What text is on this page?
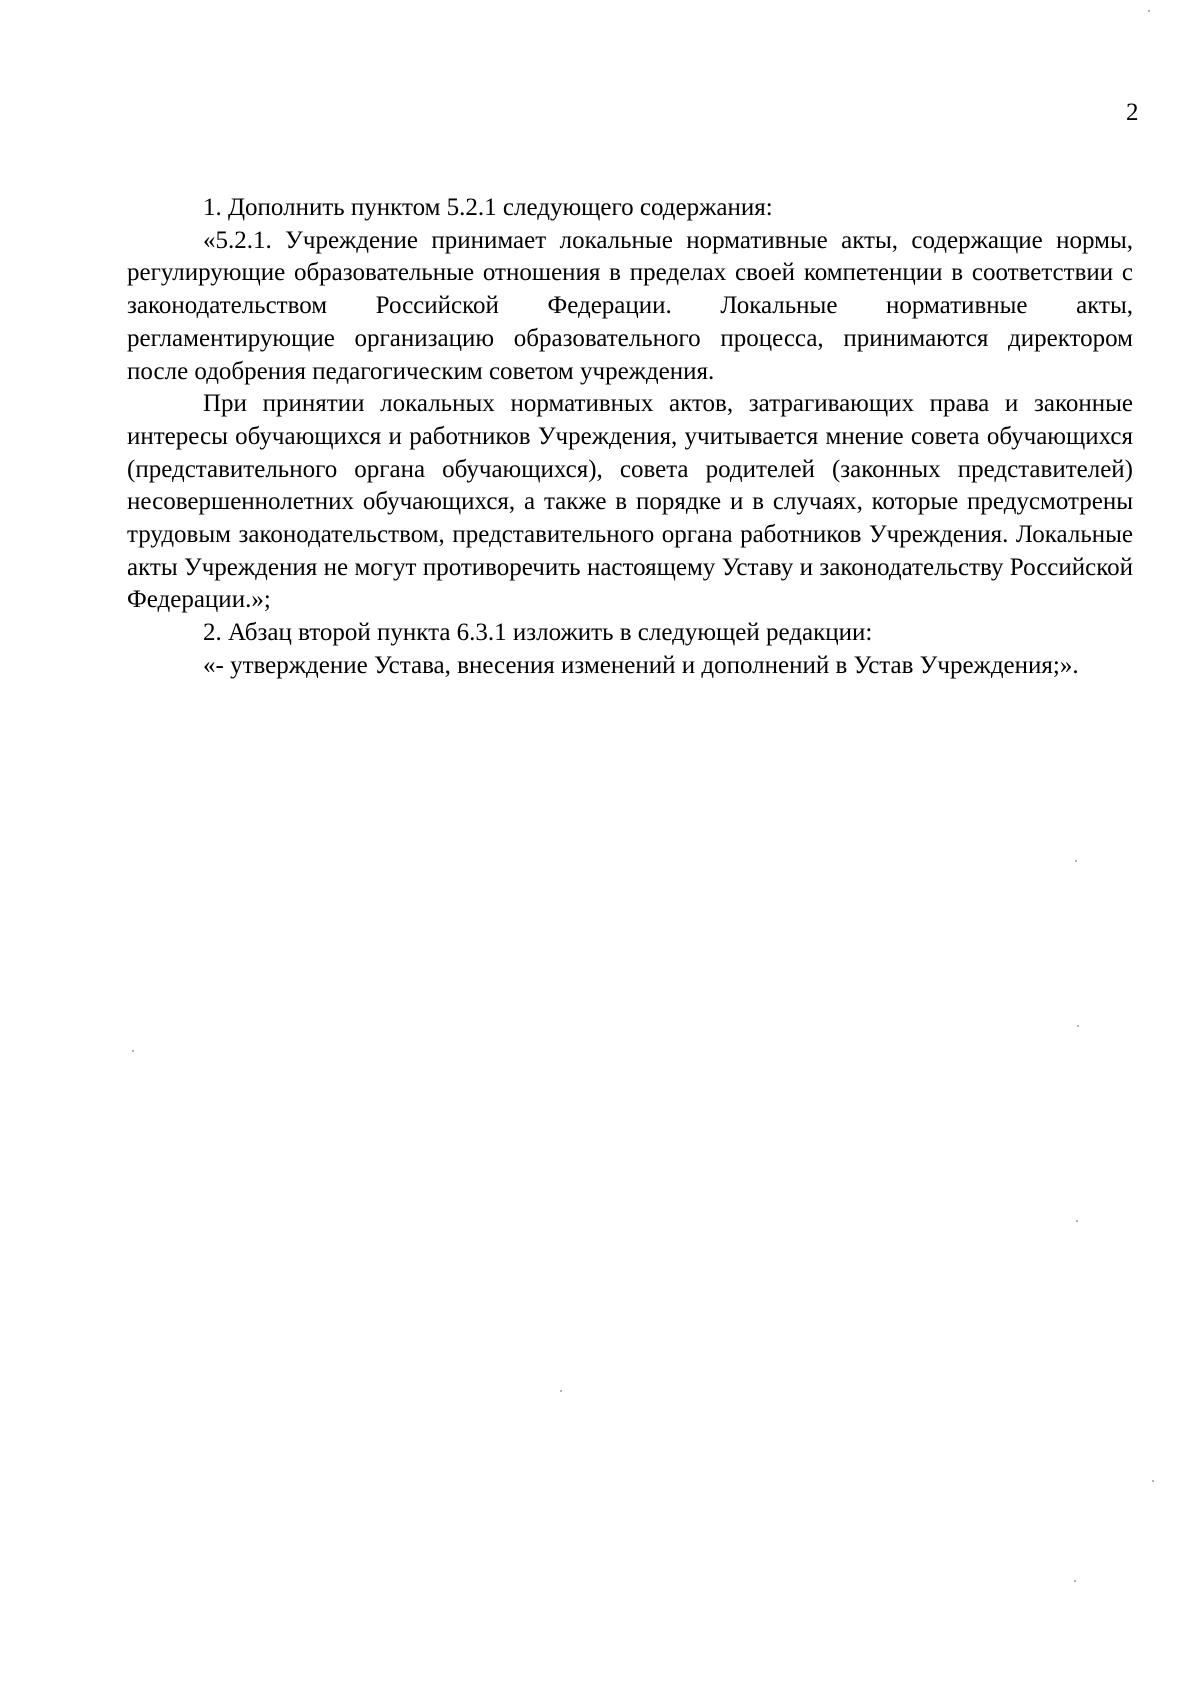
2

1. Дополнить пунктом 5.2.1 следующего содержания:

«5.2.1. Учреждение принимает локальные нормативные акты, содержащие нормы, регулирующие образовательные отношения в пределах своей компетенции в соответствии с законодательством Российской Федерации. Локальные нормативные акты, регламентирующие организацию образовательного процесса, принимаются директором после одобрения педагогическим советом учреждения.

При принятии локальных нормативных актов, затрагивающих права и законные интересы обучающихся и работников Учреждения, учитывается мнение совета обучающихся (представительного органа обучающихся), совета родителей (законных представителей) несовершеннолетних обучающихся, а также в порядке и в случаях, которые предусмотрены трудовым законодательством, представительного органа работников Учреждения. Локальные акты Учреждения не могут противоречить настоящему Уставу и законодательству Российской Федерации.»;

2. Абзац второй пункта 6.3.1 изложить в следующей редакции:

«- утверждение Устава, внесения изменений и дополнений в Устав Учреждения;».
